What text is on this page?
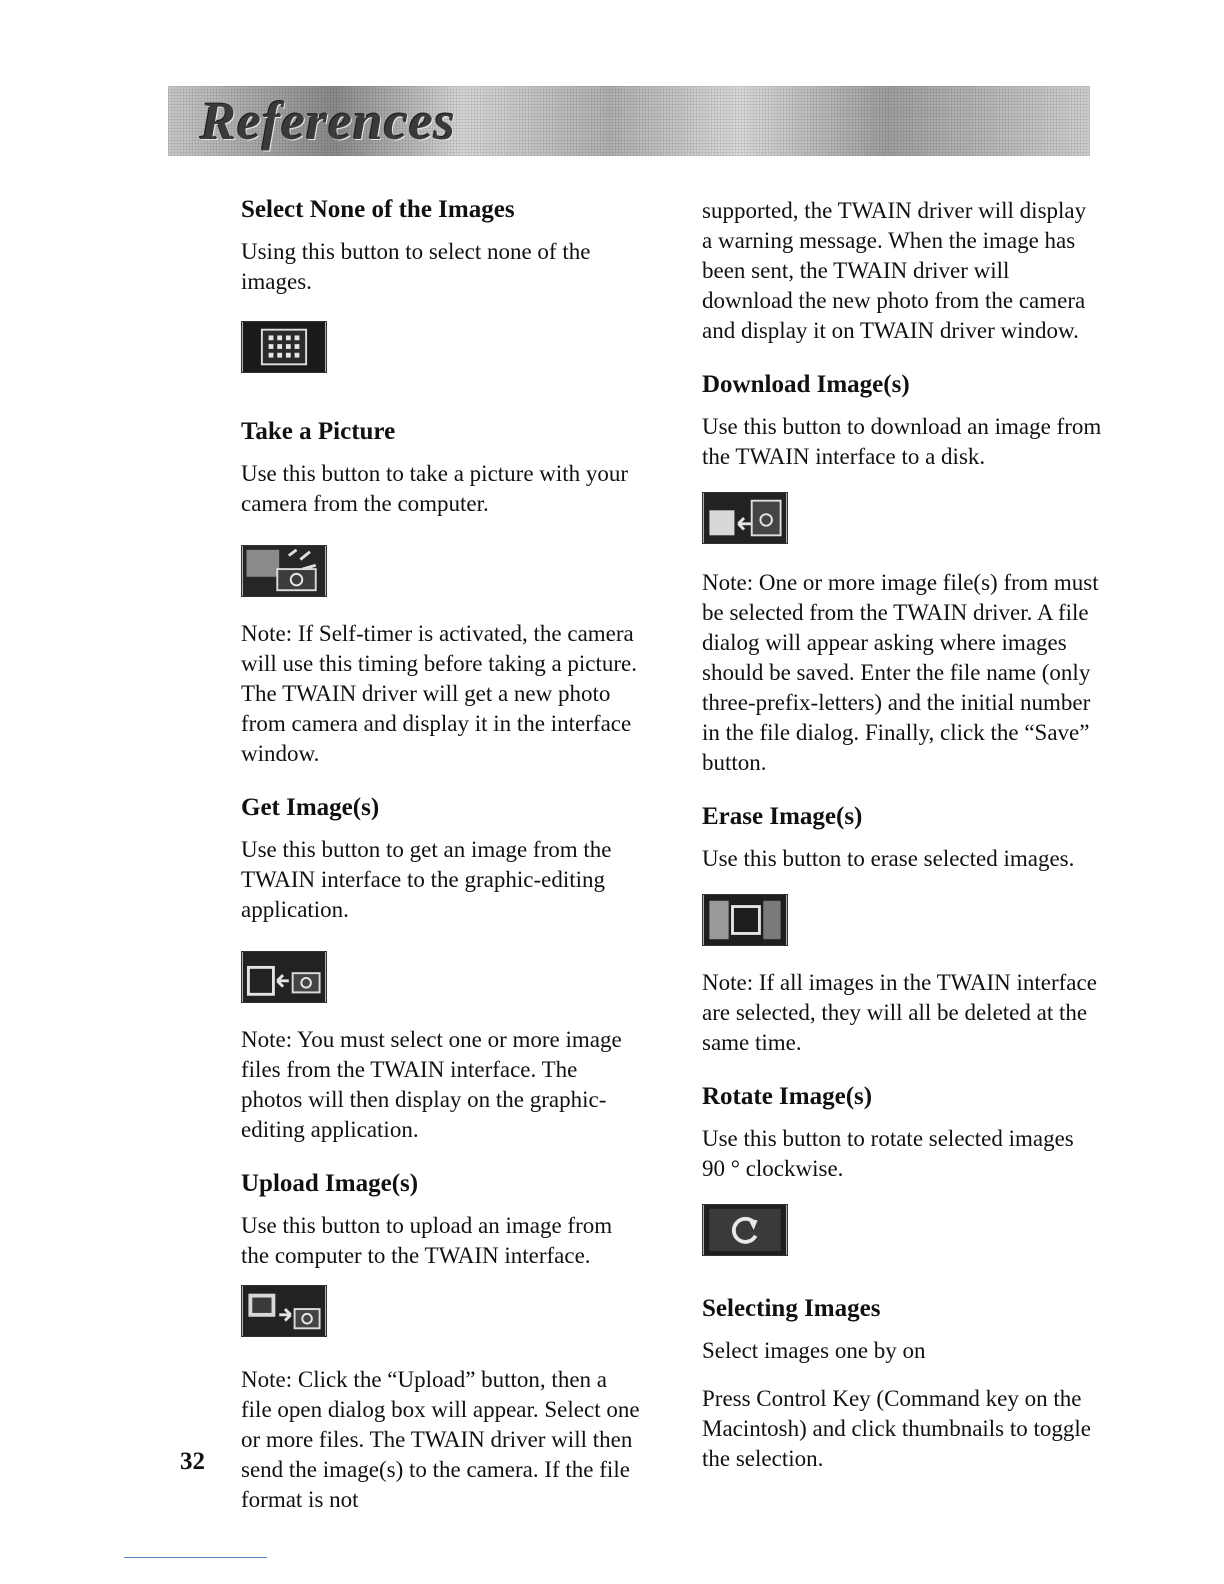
References
Select None of the Images

Using this button to select none of the images.

Take a Picture

Use this button to take a picture with your camera from the computer.

Note: If Self-timer is activated, the camera will use this timing before taking a picture. The TWAIN driver will get a new photo from camera and display it in the interface window.

Get Image(s)

Use this button to get an image from the TWAIN interface to the graphic-editing application.

Note: You must select one or more image files from the TWAIN interface. The photos will then display on the graphic-editing application.

Upload Image(s)

Use this button to upload an image from the computer to the TWAIN interface.

Note: Click the “Upload” button, then a file open dialog box will appear. Select one or more files. The TWAIN driver will then send the image(s) to the camera. If the file format is not

supported, the TWAIN driver will display a warning message. When the image has been sent, the TWAIN driver will download the new photo from the camera and display it on TWAIN driver window.

Download Image(s)

Use this button to download an image from the TWAIN interface to a disk.

Note: One or more image file(s) from must be selected from the TWAIN driver. A file dialog will appear asking where images should be saved. Enter the file name (only three-prefix-letters) and the initial number in the file dialog. Finally, click the “Save” button.

Erase Image(s)

Use this button to erase selected images.

Note: If all images in the TWAIN interface are selected, they will all be deleted at the same time.

Rotate Image(s)

Use this button to rotate selected images 90 ° clockwise.

Selecting Images

Select images one by on

Press Control Key (Command key on the Macintosh) and click thumbnails to toggle the selection.

32
